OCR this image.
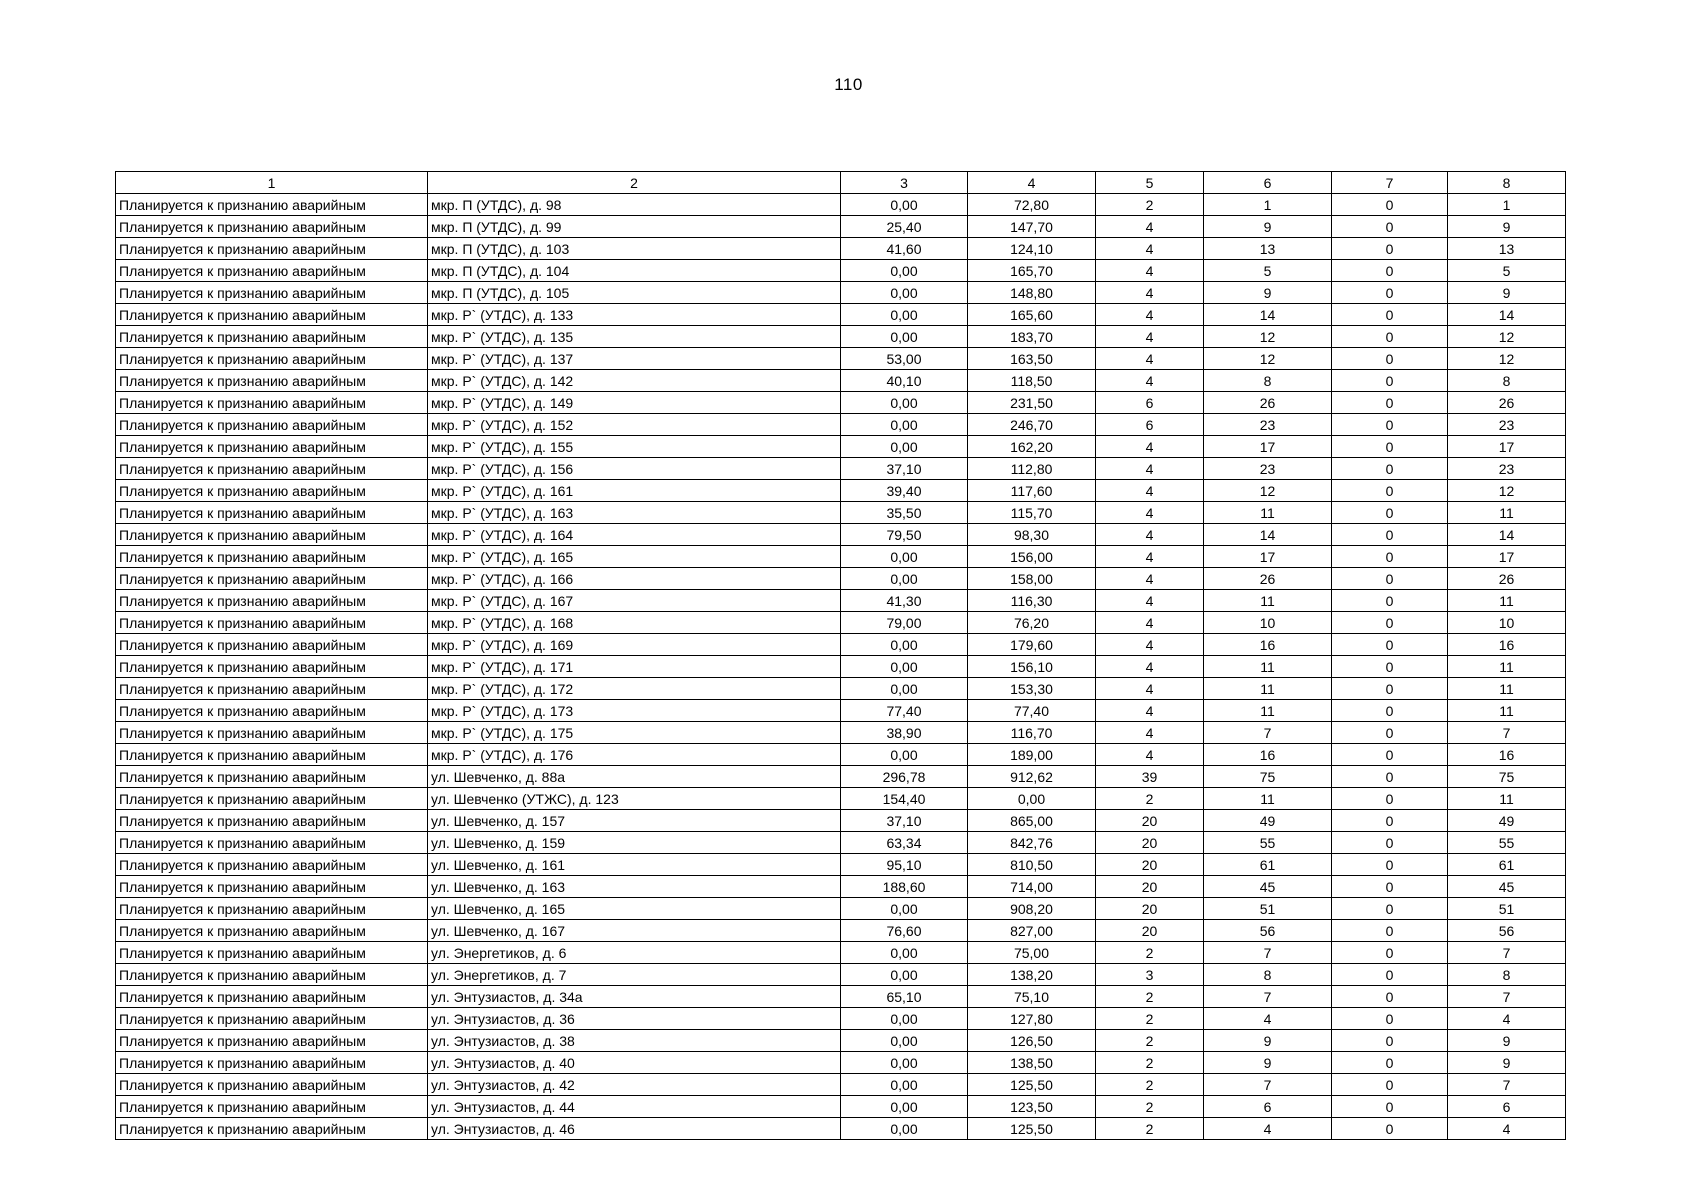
110
1	2	3	4	5	6	7	8
Планируется к признанию аварийным	мкр. П (УТДС), д. 98	0,00	72,80	2	1	0	1
Планируется к признанию аварийным	мкр. П (УТДС), д. 99	25,40	147,70	4	9	0	9
Планируется к признанию аварийным	мкр. П (УТДС), д. 103	41,60	124,10	4	13	0	13
Планируется к признанию аварийным	мкр. П (УТДС), д. 104	0,00	165,70	4	5	0	5
Планируется к признанию аварийным	мкр. П (УТДС), д. 105	0,00	148,80	4	9	0	9
Планируется к признанию аварийным	мкр. Р` (УТДС), д. 133	0,00	165,60	4	14	0	14
Планируется к признанию аварийным	мкр. Р` (УТДС), д. 135	0,00	183,70	4	12	0	12
Планируется к признанию аварийным	мкр. Р` (УТДС), д. 137	53,00	163,50	4	12	0	12
Планируется к признанию аварийным	мкр. Р` (УТДС), д. 142	40,10	118,50	4	8	0	8
Планируется к признанию аварийным	мкр. Р` (УТДС), д. 149	0,00	231,50	6	26	0	26
Планируется к признанию аварийным	мкр. Р` (УТДС), д. 152	0,00	246,70	6	23	0	23
Планируется к признанию аварийным	мкр. Р` (УТДС), д. 155	0,00	162,20	4	17	0	17
Планируется к признанию аварийным	мкр. Р` (УТДС), д. 156	37,10	112,80	4	23	0	23
Планируется к признанию аварийным	мкр. Р` (УТДС), д. 161	39,40	117,60	4	12	0	12
Планируется к признанию аварийным	мкр. Р` (УТДС), д. 163	35,50	115,70	4	11	0	11
Планируется к признанию аварийным	мкр. Р` (УТДС), д. 164	79,50	98,30	4	14	0	14
Планируется к признанию аварийным	мкр. Р` (УТДС), д. 165	0,00	156,00	4	17	0	17
Планируется к признанию аварийным	мкр. Р` (УТДС), д. 166	0,00	158,00	4	26	0	26
Планируется к признанию аварийным	мкр. Р` (УТДС), д. 167	41,30	116,30	4	11	0	11
Планируется к признанию аварийным	мкр. Р` (УТДС), д. 168	79,00	76,20	4	10	0	10
Планируется к признанию аварийным	мкр. Р` (УТДС), д. 169	0,00	179,60	4	16	0	16
Планируется к признанию аварийным	мкр. Р` (УТДС), д. 171	0,00	156,10	4	11	0	11
Планируется к признанию аварийным	мкр. Р` (УТДС), д. 172	0,00	153,30	4	11	0	11
Планируется к признанию аварийным	мкр. Р` (УТДС), д. 173	77,40	77,40	4	11	0	11
Планируется к признанию аварийным	мкр. Р` (УТДС), д. 175	38,90	116,70	4	7	0	7
Планируется к признанию аварийным	мкр. Р` (УТДС), д. 176	0,00	189,00	4	16	0	16
Планируется к признанию аварийным	ул. Шевченко, д. 88а	296,78	912,62	39	75	0	75
Планируется к признанию аварийным	ул. Шевченко (УТЖС), д. 123	154,40	0,00	2	11	0	11
Планируется к признанию аварийным	ул. Шевченко, д. 157	37,10	865,00	20	49	0	49
Планируется к признанию аварийным	ул. Шевченко, д. 159	63,34	842,76	20	55	0	55
Планируется к признанию аварийным	ул. Шевченко, д. 161	95,10	810,50	20	61	0	61
Планируется к признанию аварийным	ул. Шевченко, д. 163	188,60	714,00	20	45	0	45
Планируется к признанию аварийным	ул. Шевченко, д. 165	0,00	908,20	20	51	0	51
Планируется к признанию аварийным	ул. Шевченко, д. 167	76,60	827,00	20	56	0	56
Планируется к признанию аварийным	ул. Энергетиков, д. 6	0,00	75,00	2	7	0	7
Планируется к признанию аварийным	ул. Энергетиков, д. 7	0,00	138,20	3	8	0	8
Планируется к признанию аварийным	ул. Энтузиастов, д. 34а	65,10	75,10	2	7	0	7
Планируется к признанию аварийным	ул. Энтузиастов, д. 36	0,00	127,80	2	4	0	4
Планируется к признанию аварийным	ул. Энтузиастов, д. 38	0,00	126,50	2	9	0	9
Планируется к признанию аварийным	ул. Энтузиастов, д. 40	0,00	138,50	2	9	0	9
Планируется к признанию аварийным	ул. Энтузиастов, д. 42	0,00	125,50	2	7	0	7
Планируется к признанию аварийным	ул. Энтузиастов, д. 44	0,00	123,50	2	6	0	6
Планируется к признанию аварийным	ул. Энтузиастов, д. 46	0,00	125,50	2	4	0	4
